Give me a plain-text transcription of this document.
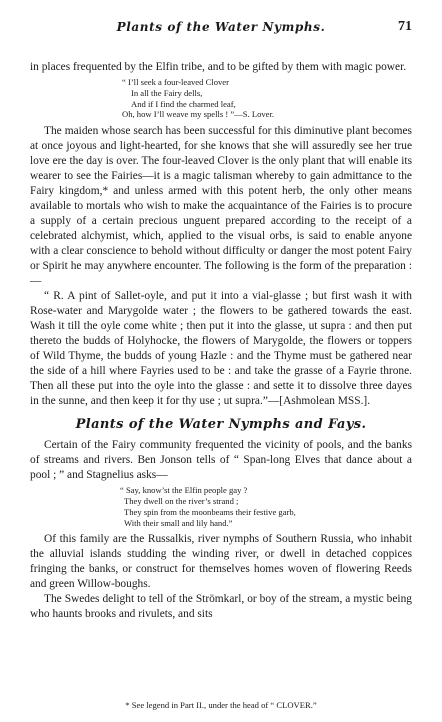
Plants of the Water Nymphs.	71

in places frequented by the Elfin tribe, and to be gifted by them with magic power.

“ I’ll seek a four-leaved Clover
In all the Fairy dells,
And if I find the charmed leaf,
Oh, how I’ll weave my spells ! ”—S. Lover.

The maiden whose search has been successful for this diminutive plant becomes at once joyous and light-hearted, for she knows that she will assuredly see her true love ere the day is over. The four-leaved Clover is the only plant that will enable its wearer to see the Fairies—it is a magic talisman whereby to gain admittance to the Fairy kingdom,* and unless armed with this potent herb, the only other means available to mortals who wish to make the acquaintance of the Fairies is to procure a supply of a certain precious unguent prepared according to the receipt of a celebrated alchymist, which, applied to the visual orbs, is said to enable anyone with a clear conscience to behold without difficulty or danger the most potent Fairy or Spirit he may anywhere encounter. The following is the form of the preparation :—

“ R. A pint of Sallet-oyle, and put it into a vial-glasse ; but first wash it with Rose-water and Marygolde water ; the flowers to be gathered towards the east. Wash it till the oyle come white ; then put it into the glasse, ut supra : and then put thereto the budds of Holyhocke, the flowers of Marygolde, the flowers or toppers of Wild Thyme, the budds of young Hazle : and the Thyme must be gathered near the side of a hill where Fayries used to be : and take the grasse of a Fayrie throne. Then all these put into the oyle into the glasse : and sette it to dissolve three dayes in the sunne, and then keep it for thy use ; ut supra.”—[Ashmolean MSS.].

Plants of the Water Nymphs and Fays.

Certain of the Fairy community frequented the vicinity of pools, and the banks of streams and rivers. Ben Jonson tells of “ Span-long Elves that dance about a pool ; ” and Stagnelius asks—

“ Say, know’st the Elfin people gay ?
They dwell on the river’s strand ;
They spin from the moonbeams their festive garb,
With their small and lily hand.”

Of this family are the Russalkis, river nymphs of Southern Russia, who inhabit the alluvial islands studding the winding river, or dwell in detached coppices fringing the banks, or construct for themselves homes woven of flowering Reeds and green Willow-boughs.

The Swedes delight to tell of the Strömkarl, or boy of the stream, a mystic being who haunts brooks and rivulets, and sits

* See legend in Part II., under the head of “ CLOVER.”
